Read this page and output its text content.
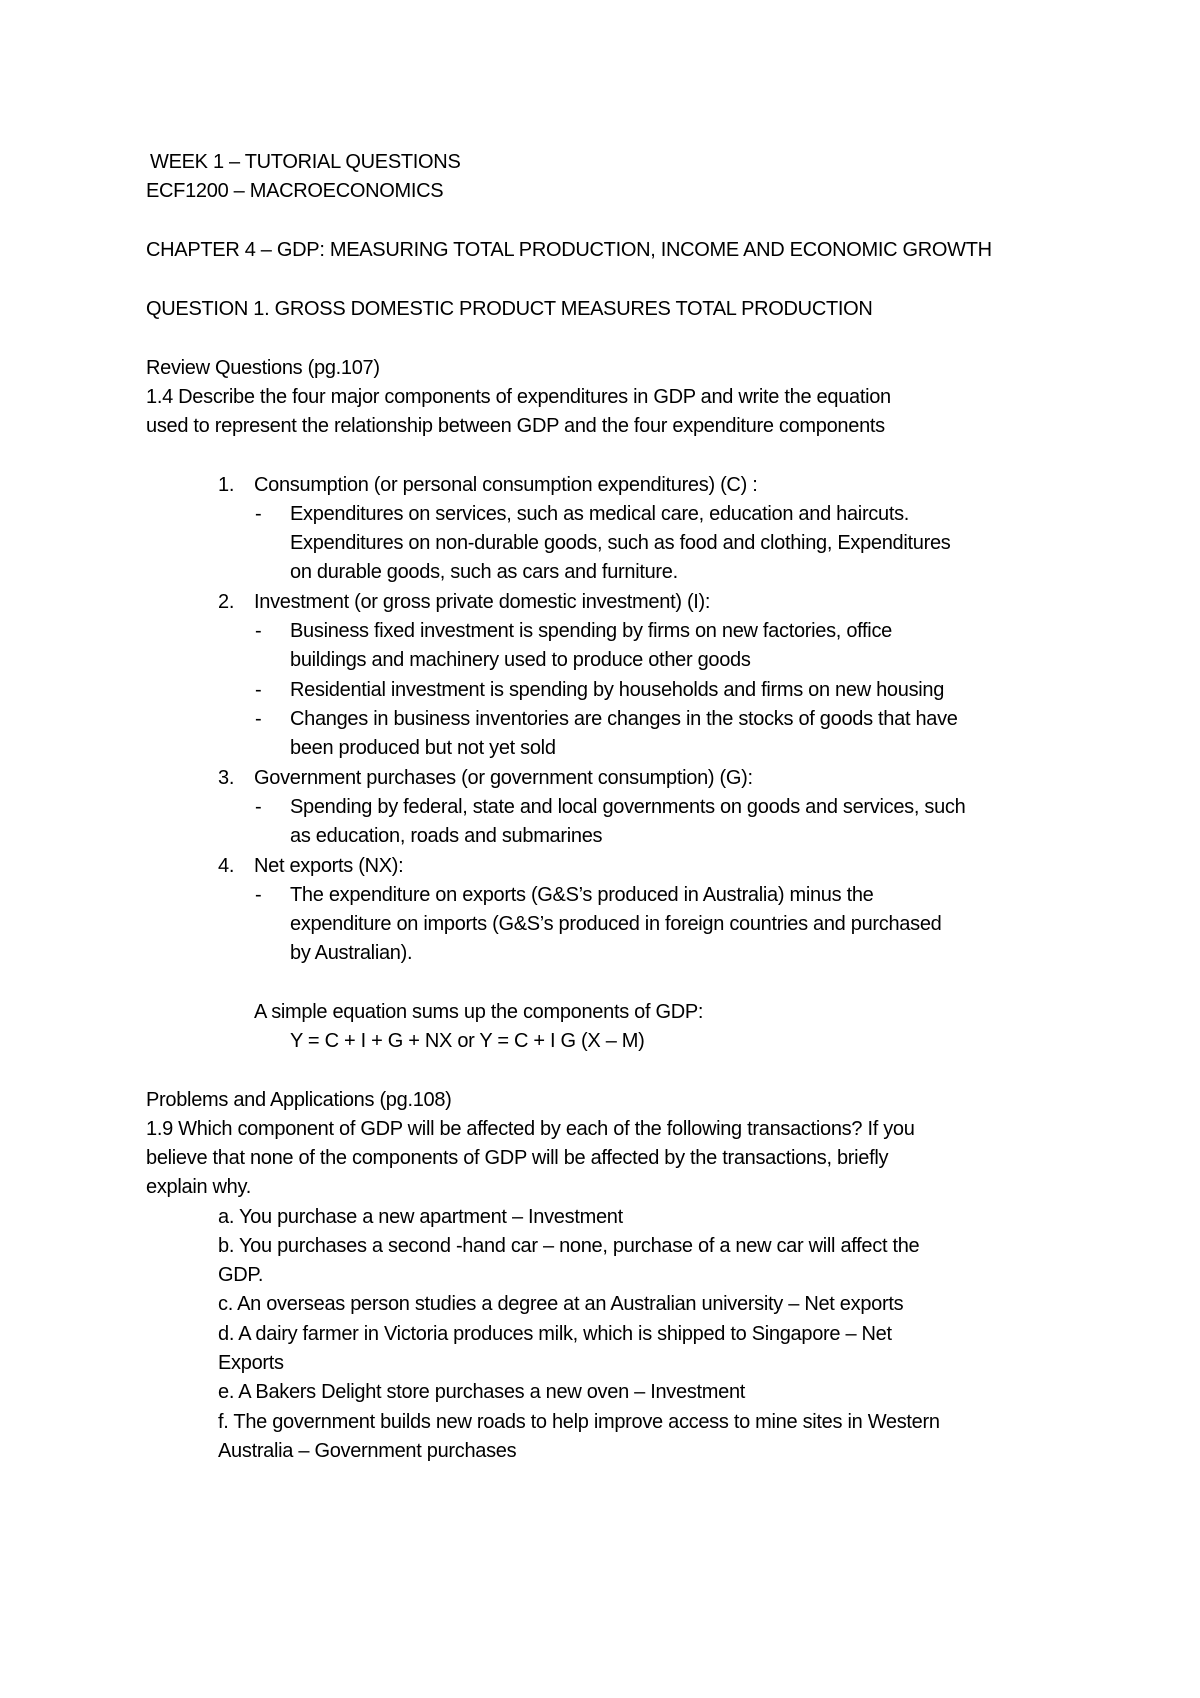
WEEK 1 – TUTORIAL QUESTIONS
ECF1200 – MACROECONOMICS
CHAPTER 4 – GDP: MEASURING TOTAL PRODUCTION, INCOME AND ECONOMIC GROWTH
QUESTION 1. GROSS DOMESTIC PRODUCT MEASURES TOTAL PRODUCTION
Review Questions (pg.107)
1.4 Describe the four major components of expenditures in GDP and write the equation
used to represent the relationship between GDP and the four expenditure components
1. Consumption (or personal consumption expenditures) (C) :
- Expenditures on services, such as medical care, education and haircuts.
Expenditures on non-durable goods, such as food and clothing, Expenditures
on durable goods, such as cars and furniture.
2. Investment (or gross private domestic investment) (I):
- Business fixed investment is spending by firms on new factories, office
buildings and machinery used to produce other goods
- Residential investment is spending by households and firms on new housing
- Changes in business inventories are changes in the stocks of goods that have
been produced but not yet sold
3. Government purchases (or government consumption) (G):
- Spending by federal, state and local governments on goods and services, such
as education, roads and submarines
4. Net exports (NX):
- The expenditure on exports (G&S’s produced in Australia) minus the
expenditure on imports (G&S’s produced in foreign countries and purchased
by Australian).
A simple equation sums up the components of GDP:
Y = C + I + G + NX or Y = C + I G (X – M)
Problems and Applications (pg.108)
1.9 Which component of GDP will be affected by each of the following transactions? If you
believe that none of the components of GDP will be affected by the transactions, briefly
explain why.
a. You purchase a new apartment – Investment
b. You purchases a second -hand car – none, purchase of a new car will affect the
GDP.
c. An overseas person studies a degree at an Australian university – Net exports
d. A dairy farmer in Victoria produces milk, which is shipped to Singapore – Net
Exports
e. A Bakers Delight store purchases a new oven – Investment
f. The government builds new roads to help improve access to mine sites in Western
Australia – Government purchases
